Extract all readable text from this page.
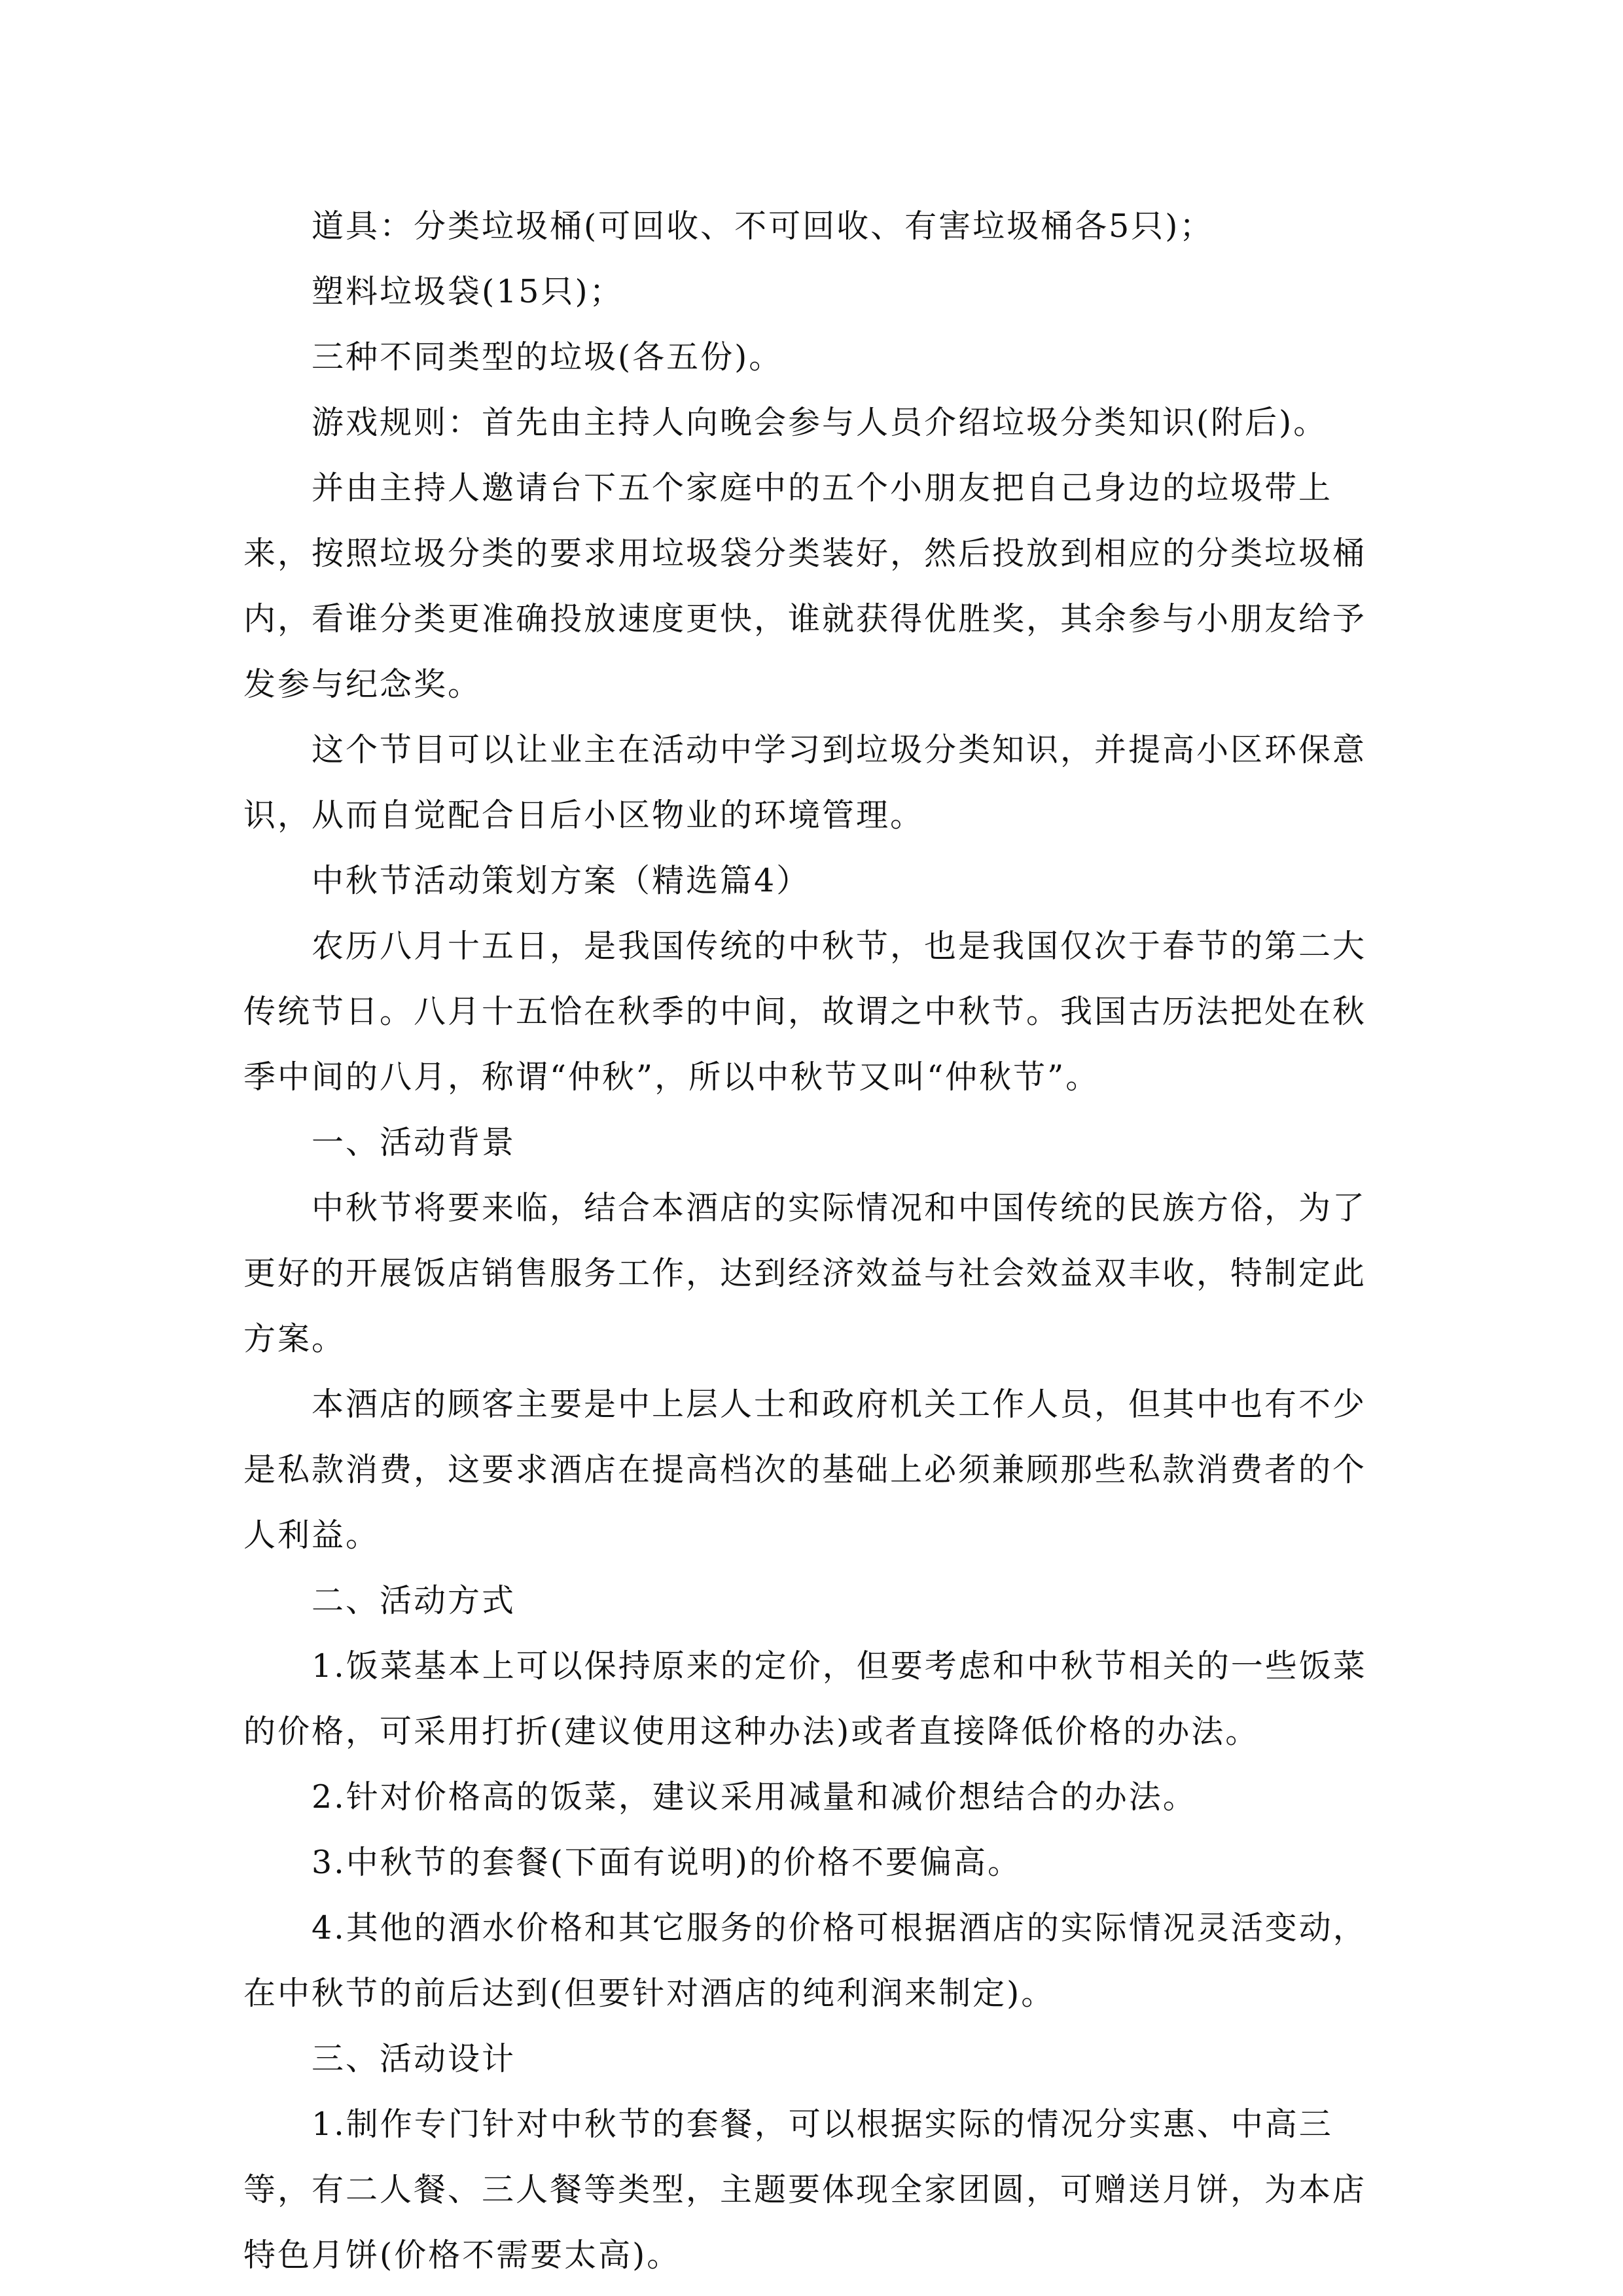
道具：分类垃圾桶(可回收、不可回收、有害垃圾桶各5只)；

塑料垃圾袋(15只)；

三种不同类型的垃圾(各五份)。

游戏规则：首先由主持人向晚会参与人员介绍垃圾分类知识(附后)。

并由主持人邀请台下五个家庭中的五个小朋友把自己身边的垃圾带上来，按照垃圾分类的要求用垃圾袋分类装好，然后投放到相应的分类垃圾桶内，看谁分类更准确投放速度更快，谁就获得优胜奖，其余参与小朋友给予发参与纪念奖。

这个节目可以让业主在活动中学习到垃圾分类知识，并提高小区环保意识，从而自觉配合日后小区物业的环境管理。

中秋节活动策划方案（精选篇4）

农历八月十五日，是我国传统的中秋节，也是我国仅次于春节的第二大传统节日。八月十五恰在秋季的中间，故谓之中秋节。我国古历法把处在秋季中间的八月，称谓“仲秋”，所以中秋节又叫“仲秋节”。

一、活动背景

中秋节将要来临，结合本酒店的实际情况和中国传统的民族方俗，为了更好的开展饭店销售服务工作，达到经济效益与社会效益双丰收，特制定此方案。

本酒店的顾客主要是中上层人士和政府机关工作人员，但其中也有不少是私款消费，这要求酒店在提高档次的基础上必须兼顾那些私款消费者的个人利益。

二、活动方式

1.饭菜基本上可以保持原来的定价，但要考虑和中秋节相关的一些饭菜的价格，可采用打折(建议使用这种办法)或者直接降低价格的办法。

2.针对价格高的饭菜，建议采用减量和减价想结合的办法。

3.中秋节的套餐(下面有说明)的价格不要偏高。

4.其他的酒水价格和其它服务的价格可根据酒店的实际情况灵活变动，在中秋节的前后达到(但要针对酒店的纯利润来制定)。

三、活动设计

1.制作专门针对中秋节的套餐，可以根据实际的情况分实惠、中高三等，有二人餐、三人餐等类型，主题要体现全家团圆，可赠送月饼，为本店特色月饼(价格不需要太高)。
